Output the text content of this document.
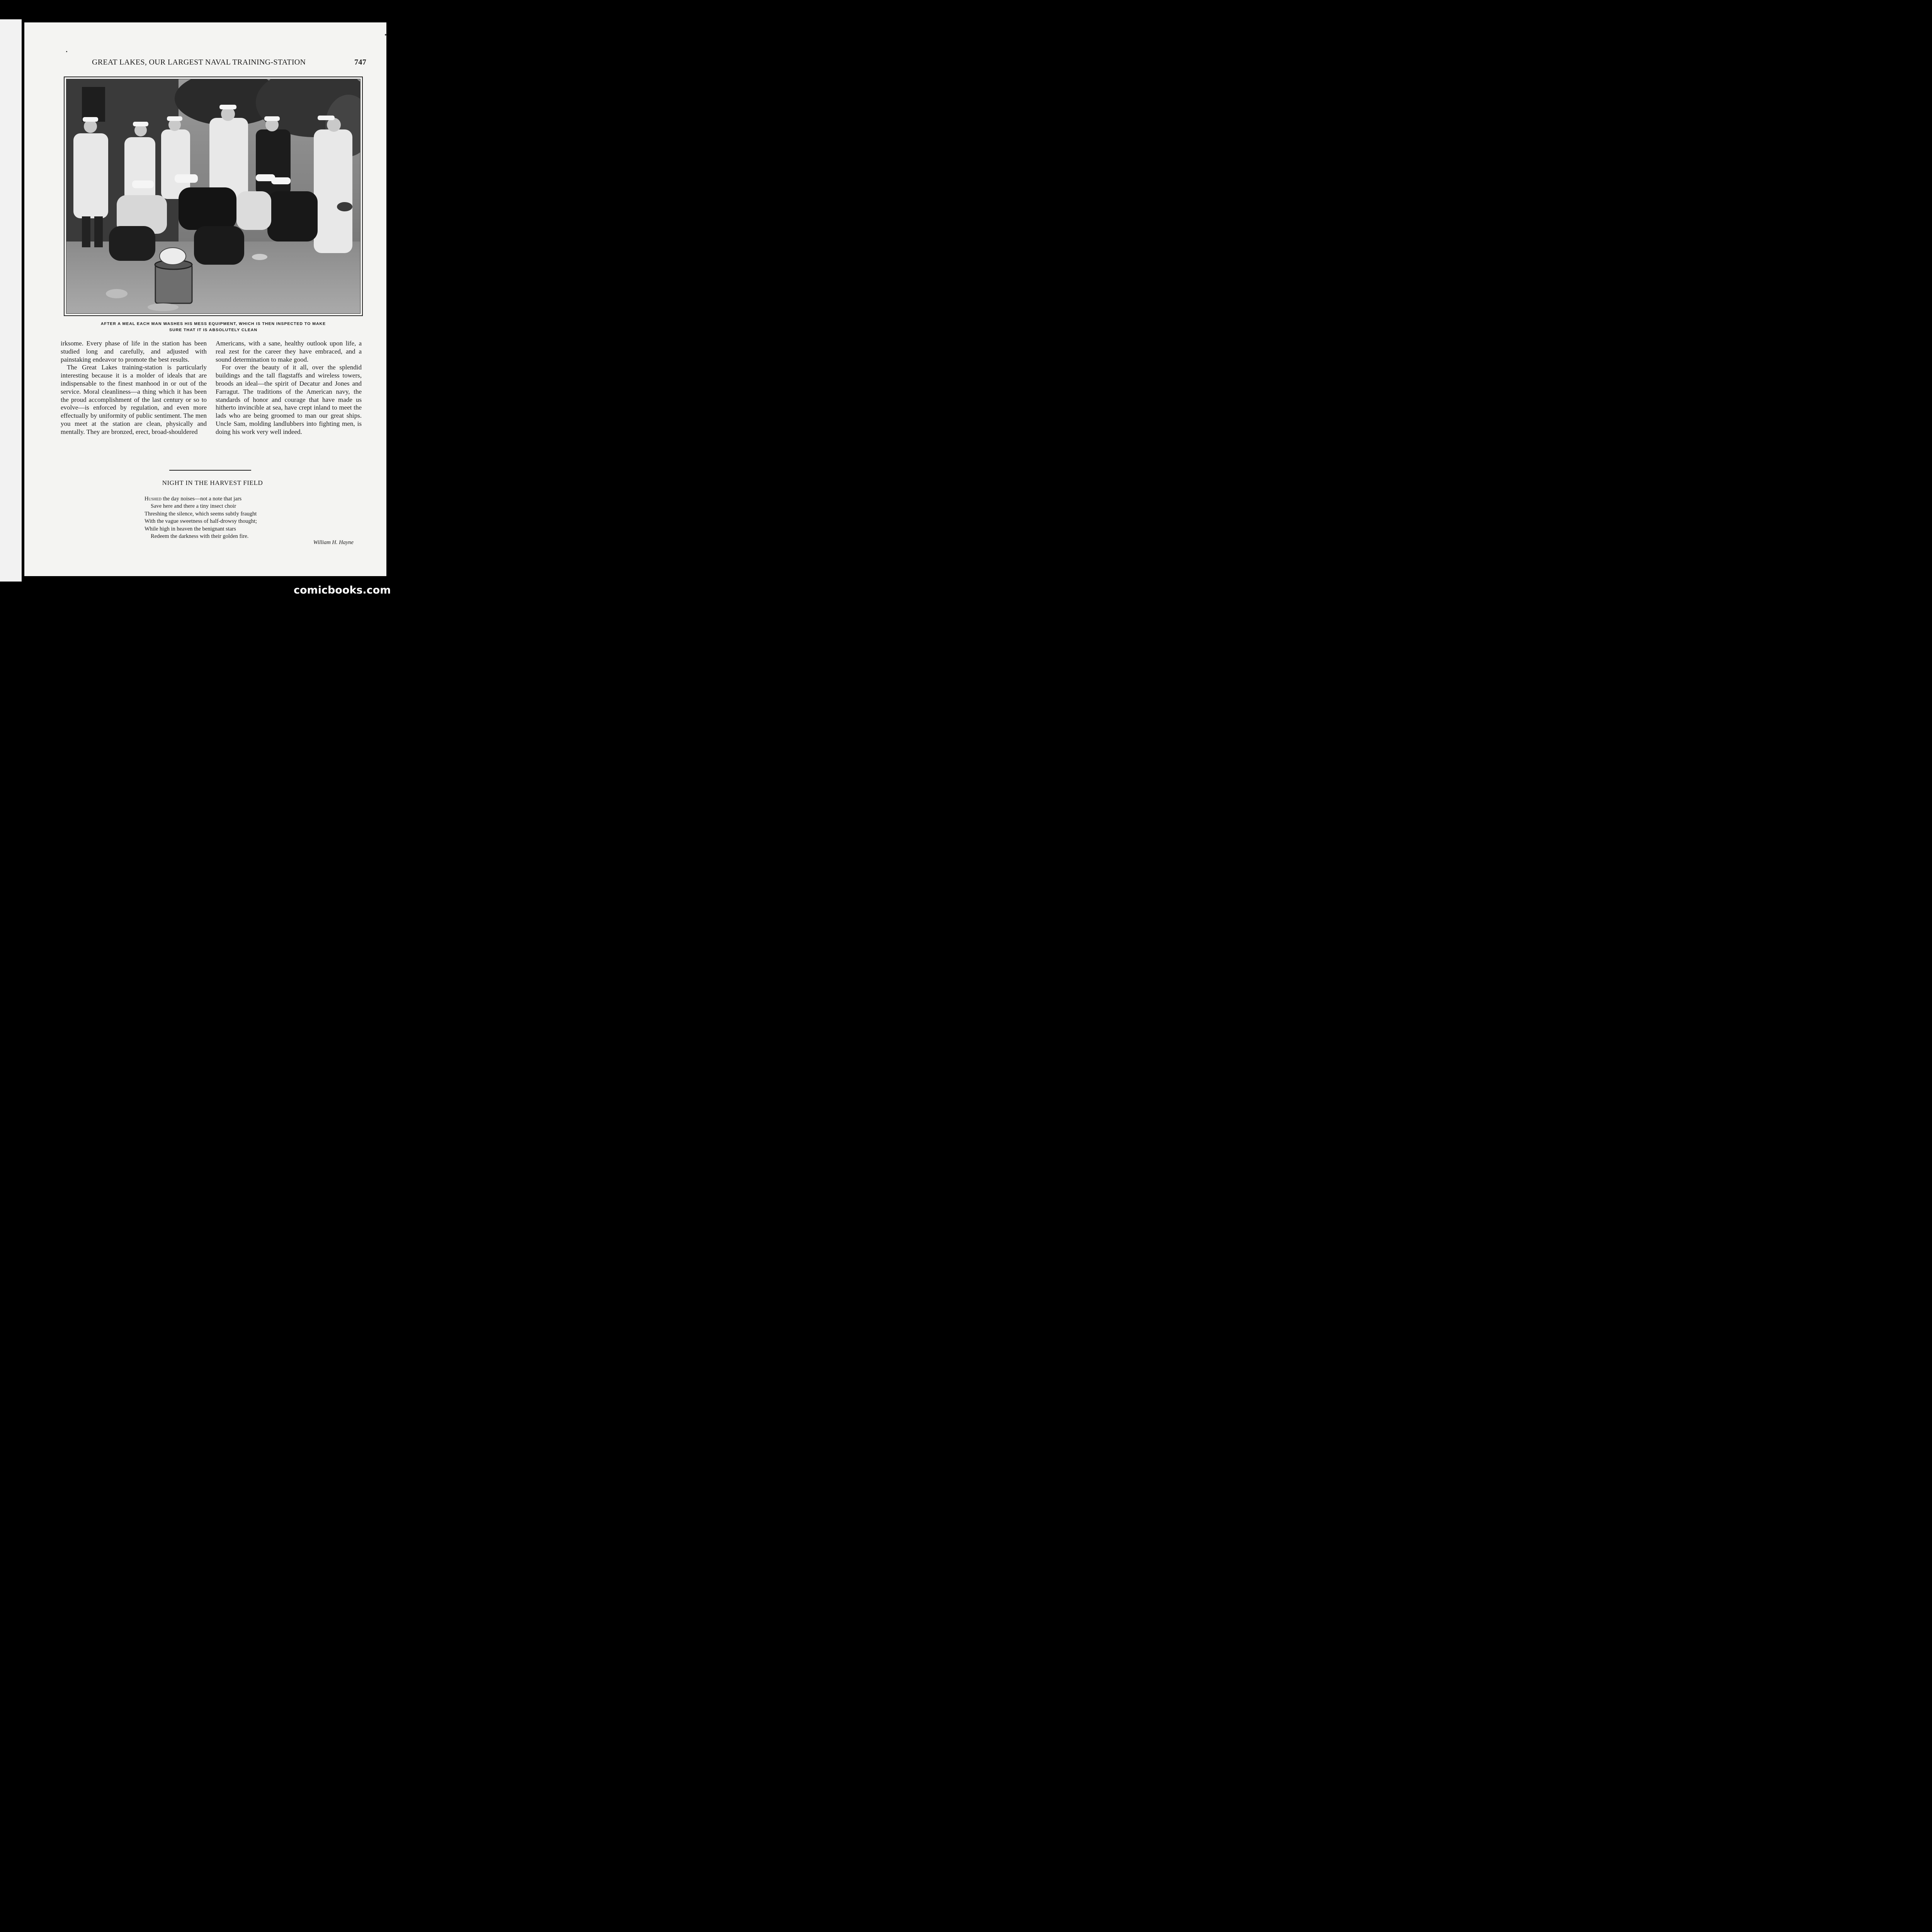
GREAT LAKES, OUR LARGEST NAVAL TRAINING-STATION	747
AFTER A MEAL EACH MAN WASHES HIS MESS EQUIPMENT, WHICH IS THEN INSPECTED TO MAKE
SURE THAT IT IS ABSOLUTELY CLEAN

irksome. Every phase of life in the station has been studied long and carefully, and adjusted with painstaking endeavor to promote the best results.

The Great Lakes training-station is particularly interesting because it is a molder of ideals that are indispensable to the finest manhood in or out of the service. Moral cleanliness—a thing which it has been the proud accomplishment of the last century or so to evolve—is enforced by regulation, and even more effectually by uniformity of public sentiment. The men you meet at the station are clean, physically and mentally. They are bronzed, erect, broad-shouldered

Americans, with a sane, healthy outlook upon life, a real zest for the career they have embraced, and a sound determination to make good.

For over the beauty of it all, over the splendid buildings and the tall flagstaffs and wireless towers, broods an ideal—the spirit of Decatur and Jones and Farragut. The traditions of the American navy, the standards of honor and courage that have made us hitherto invincible at sea, have crept inland to meet the lads who are being groomed to man our great ships. Uncle Sam, molding landlubbers into fighting men, is doing his work very well indeed.

NIGHT IN THE HARVEST FIELD
Hushed the day noises—not a note that jars
Save here and there a tiny insect choir
Threshing the silence, which seems subtly fraught
With the vague sweetness of half-drowsy thought;
While high in heaven the benignant stars
Redeem the darkness with their golden fire.
William H. Hayne
comicbooks.com
